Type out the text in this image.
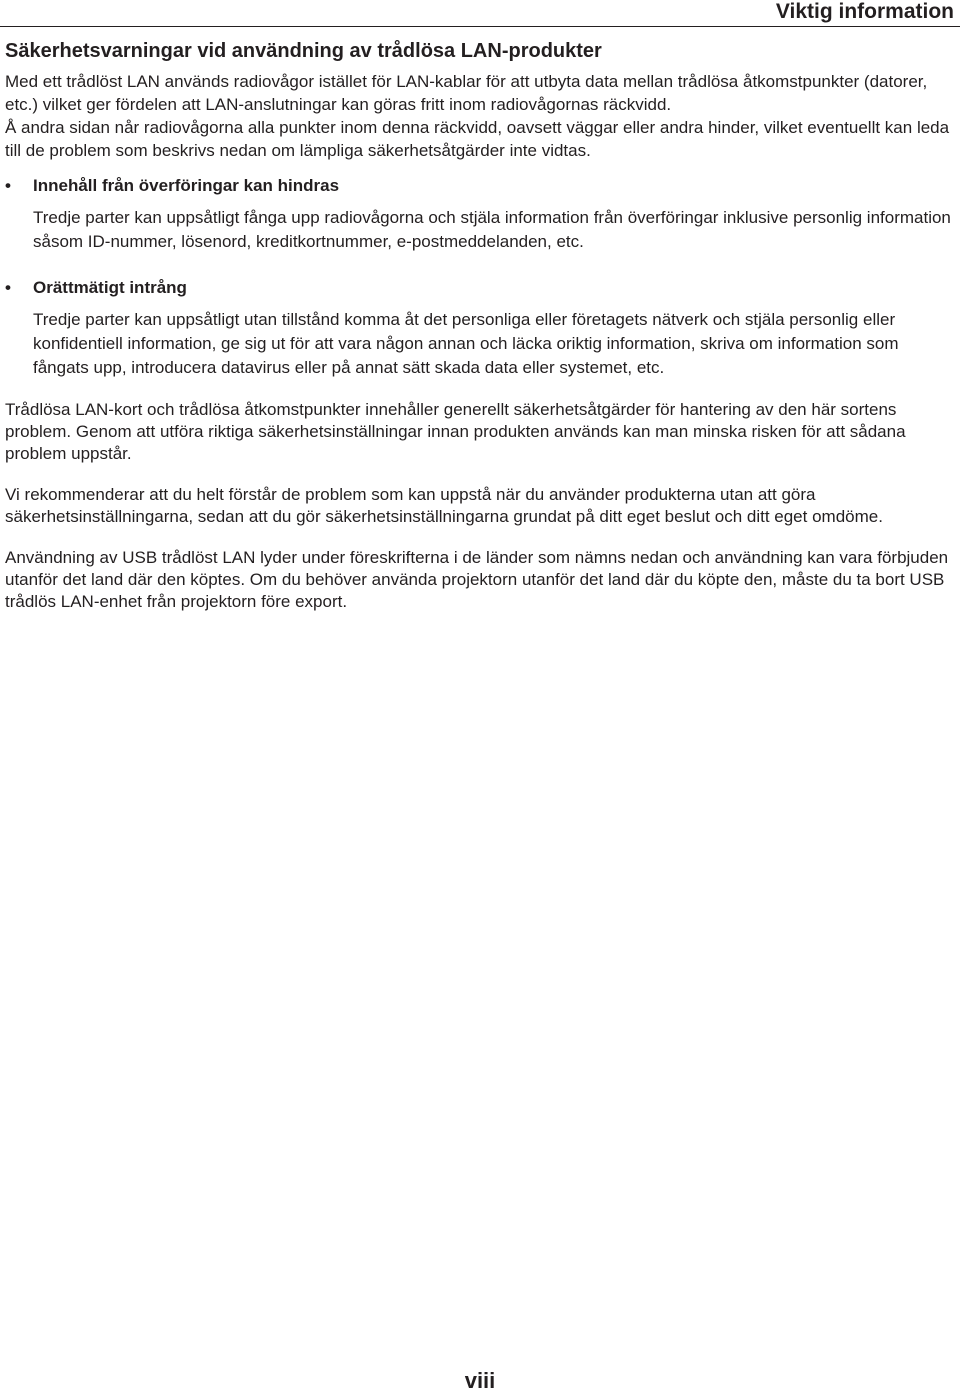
Viktig information
Säkerhetsvarningar vid användning av trådlösa LAN-produkter

Med ett trådlöst LAN används radiovågor istället för LAN-kablar för att utbyta data mellan trådlösa åtkomstpunkter (datorer, etc.) vilket ger fördelen att LAN-anslutningar kan göras fritt inom radiovågornas räckvidd.

Å andra sidan når radiovågorna alla punkter inom denna räckvidd, oavsett väggar eller andra hinder, vilket eventuellt kan leda till de problem som beskrivs nedan om lämpliga säkerhetsåtgärder inte vidtas.

• Innehåll från överföringar kan hindras

Tredje parter kan uppsåtligt fånga upp radiovågorna och stjäla information från överföringar inklusive personlig information såsom ID-nummer, lösenord, kreditkortnummer, e-postmeddelanden, etc.

• Orättmätigt intrång

Tredje parter kan uppsåtligt utan tillstånd komma åt det personliga eller företagets nätverk och stjäla personlig eller konfidentiell information, ge sig ut för att vara någon annan och läcka oriktig information, skriva om information som fångats upp, introducera datavirus eller på annat sätt skada data eller systemet, etc.

Trådlösa LAN-kort och trådlösa åtkomstpunkter innehåller generellt säkerhetsåtgärder för hantering av den här sortens problem. Genom att utföra riktiga säkerhetsinställningar innan produkten används kan man minska risken för att sådana problem uppstår.

Vi rekommenderar att du helt förstår de problem som kan uppstå när du använder produkterna utan att göra säkerhetsinställningarna, sedan att du gör säkerhetsinställningarna grundat på ditt eget beslut och ditt eget omdöme.

Användning av USB trådlöst LAN lyder under föreskrifterna i de länder som nämns nedan och användning kan vara förbjuden utanför det land där den köptes. Om du behöver använda projektorn utanför det land där du köpte den, måste du ta bort USB trådlös LAN-enhet från projektorn före export.

viii
